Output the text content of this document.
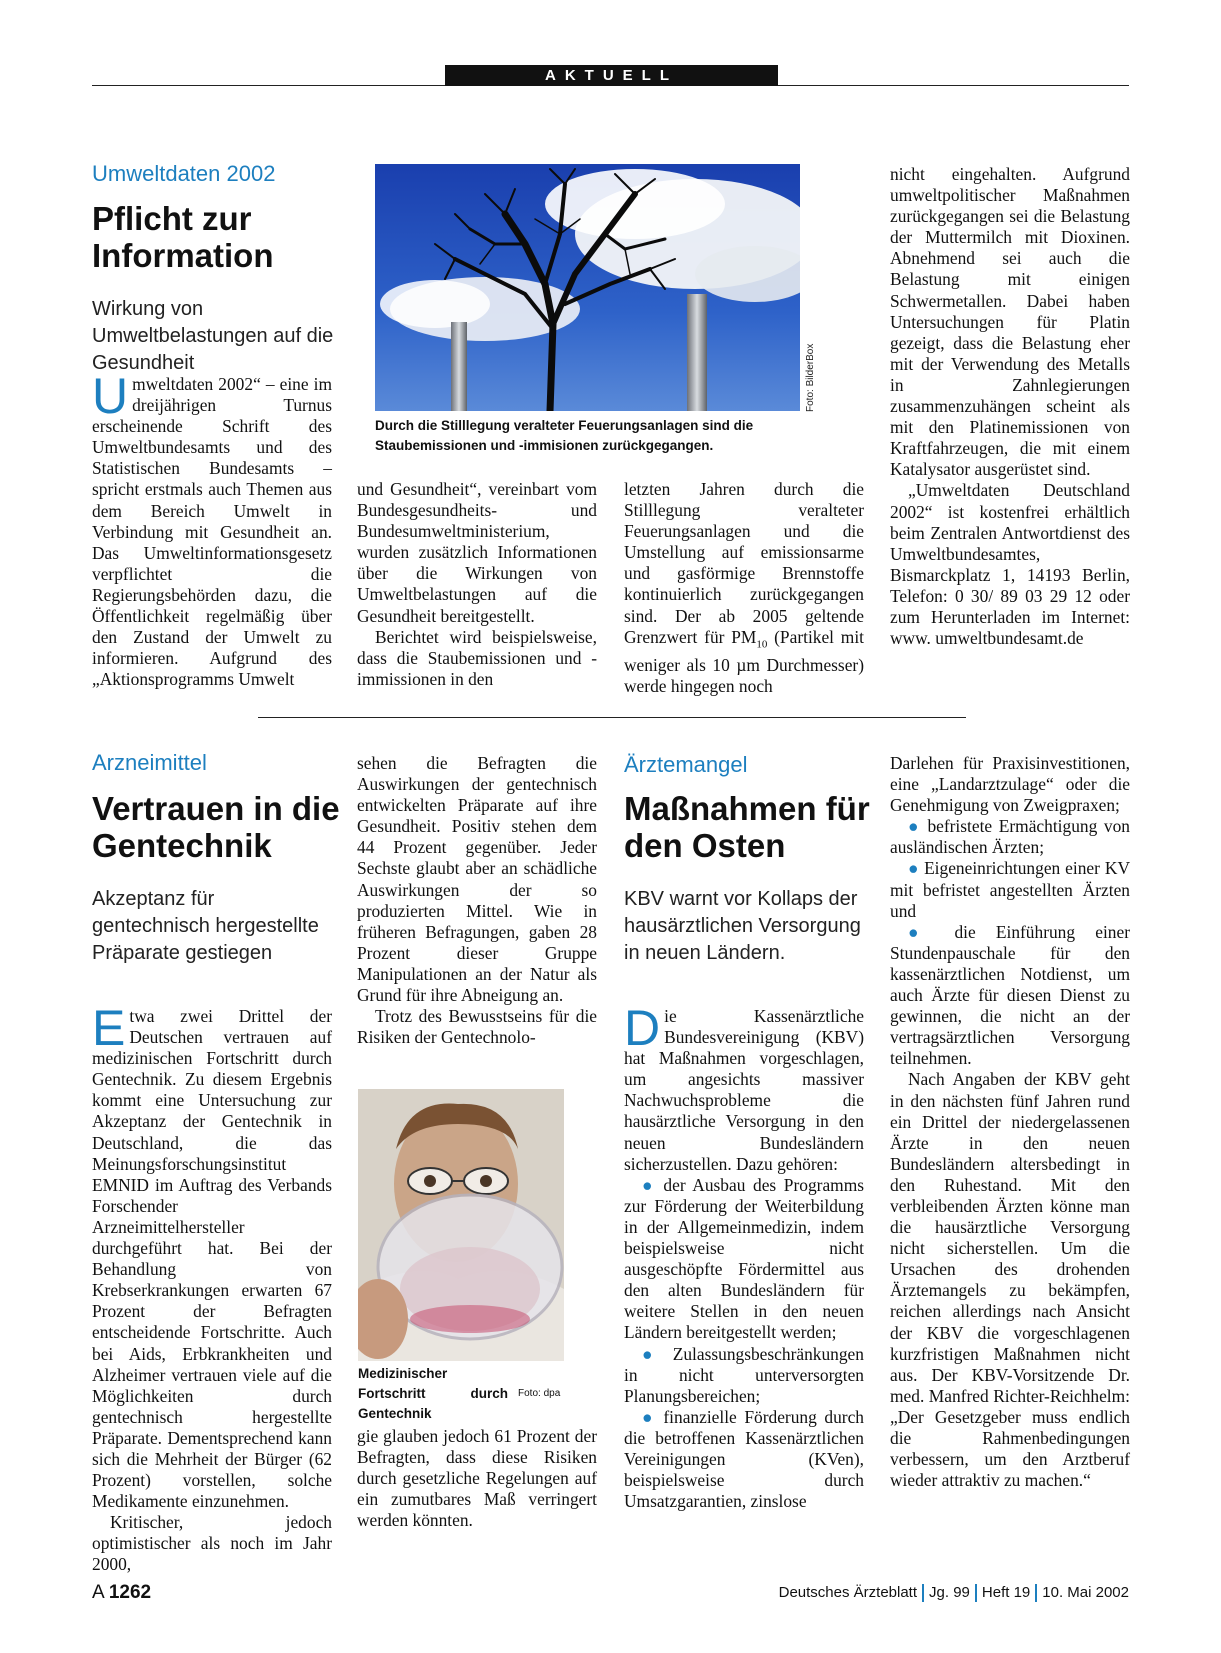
AKTUELL
Umweltdaten 2002
Pflicht zur
Information
Wirkung von Umweltbelastungen auf die Gesundheit

Umweltdaten 2002“ – eine im dreijährigen Turnus erscheinende Schrift des Umweltbundesamts und des Statistischen Bundesamts – spricht erstmals auch Themen aus dem Bereich Umwelt in Verbindung mit Gesundheit an. Das Umweltinformationsgesetz verpflichtet die Regierungsbehörden dazu, die Öffentlichkeit regelmäßig über den Zustand der Umwelt zu informieren. Aufgrund des „Aktionsprogramms Umwelt

Foto: BilderBox
Durch die Stilllegung veralteter Feuerungsanlagen sind die Staubemissionen und -immisionen zurückgegangen.

und Gesundheit“, vereinbart vom Bundesgesundheits- und Bundesumweltministerium, wurden zusätzlich Informationen über die Wirkungen von Umweltbelastungen auf die Gesundheit bereitgestellt.

Berichtet wird beispielsweise, dass die Staubemissionen und -immissionen in den

letzten Jahren durch die Stilllegung veralteter Feuerungsanlagen und die Umstellung auf emissionsarme und gasförmige Brennstoffe kontinuierlich zurückgegangen sind. Der ab 2005 geltende Grenzwert für $PM_{10}$ (Partikel mit weniger als 10 µm Durchmesser) werde hingegen noch

nicht eingehalten. Aufgrund umweltpolitischer Maßnahmen zurückgegangen sei die Belastung der Muttermilch mit Dioxinen. Abnehmend sei auch die Belastung mit einigen Schwermetallen. Dabei haben Untersuchungen für Platin gezeigt, dass die Belastung eher mit der Verwendung des Metalls in Zahnlegierungen zusammenzuhängen scheint als mit den Platinemissionen von Kraftfahrzeugen, die mit einem Katalysator ausgerüstet sind.

„Umweltdaten Deutschland 2002“ ist kostenfrei erhältlich beim Zentralen Antwortdienst des Umweltbundesamtes, Bismarckplatz 1, 14193 Berlin, Telefon: 0 30/ 89 03 29 12 oder zum Herunterladen im Internet: www. umweltbundesamt.de

Arzneimittel
Vertrauen in die
Gentechnik
Akzeptanz für gentechnisch hergestellte Präparate gestiegen

Etwa zwei Drittel der Deutschen vertrauen auf medizinischen Fortschritt durch Gentechnik. Zu diesem Ergebnis kommt eine Untersuchung zur Akzeptanz der Gentechnik in Deutschland, die das Meinungsforschungsinstitut EMNID im Auftrag des Verbands Forschender Arzneimittelhersteller durchgeführt hat. Bei der Behandlung von Krebserkrankungen erwarten 67 Prozent der Befragten entscheidende Fortschritte. Auch bei Aids, Erbkrankheiten und Alzheimer vertrauen viele auf die Möglichkeiten durch gentechnisch hergestellte Präparate. Dementsprechend kann sich die Mehrheit der Bürger (62 Prozent) vorstellen, solche Medikamente einzunehmen.

Kritischer, jedoch optimistischer als noch im Jahr 2000,

sehen die Befragten die Auswirkungen der gentechnisch entwickelten Präparate auf ihre Gesundheit. Positiv stehen dem 44 Prozent gegenüber. Jeder Sechste glaubt aber an schädliche Auswirkungen der so produzierten Mittel. Wie in früheren Befragungen, gaben 28 Prozent dieser Gruppe Manipulationen an der Natur als Grund für ihre Abneigung an.

Trotz des Bewusstseins für die Risiken der Gentechnolo-

Medizinischer Fortschritt durch Gentechnik
Foto: dpa

gie glauben jedoch 61 Prozent der Befragten, dass diese Risiken durch gesetzliche Regelungen auf ein zumutbares Maß verringert werden könnten.

Ärztemangel
Maßnahmen für
den Osten
KBV warnt vor Kollaps der hausärztlichen Versorgung in neuen Ländern.

Die Kassenärztliche Bundesvereinigung (KBV) hat Maßnahmen vorgeschlagen, um angesichts massiver Nachwuchsprobleme die hausärztliche Versorgung in den neuen Bundesländern sicherzustellen. Dazu gehören:

● der Ausbau des Programms zur Förderung der Weiterbildung in der Allgemeinmedizin, indem beispielsweise nicht ausgeschöpfte Fördermittel aus den alten Bundesländern für weitere Stellen in den neuen Ländern bereitgestellt werden;

● Zulassungsbeschränkungen in nicht unterversorgten Planungsbereichen;

● finanzielle Förderung durch die betroffenen Kassenärztlichen Vereinigungen (KVen), beispielsweise durch Umsatzgarantien, zinslose

Darlehen für Praxisinvestitionen, eine „Landarztzulage“ oder die Genehmigung von Zweigpraxen;

● befristete Ermächtigung von ausländischen Ärzten;

● Eigeneinrichtungen einer KV mit befristet angestellten Ärzten und

● die Einführung einer Stundenpauschale für den kassenärztlichen Notdienst, um auch Ärzte für diesen Dienst zu gewinnen, die nicht an der vertragsärztlichen Versorgung teilnehmen.

Nach Angaben der KBV geht in den nächsten fünf Jahren rund ein Drittel der niedergelassenen Ärzte in den neuen Bundesländern altersbedingt in den Ruhestand. Mit den verbleibenden Ärzten könne man die hausärztliche Versorgung nicht sicherstellen. Um die Ursachen des drohenden Ärztemangels zu bekämpfen, reichen allerdings nach Ansicht der KBV die vorgeschlagenen kurzfristigen Maßnahmen nicht aus. Der KBV-Vorsitzende Dr. med. Manfred Richter-Reichhelm: „Der Gesetzgeber muss endlich die Rahmenbedingungen verbessern, um den Arztberuf wieder attraktiv zu machen.“

A 1262	Deutsches Ärzteblatt Jg. 99 Heft 19 10. Mai 2002
